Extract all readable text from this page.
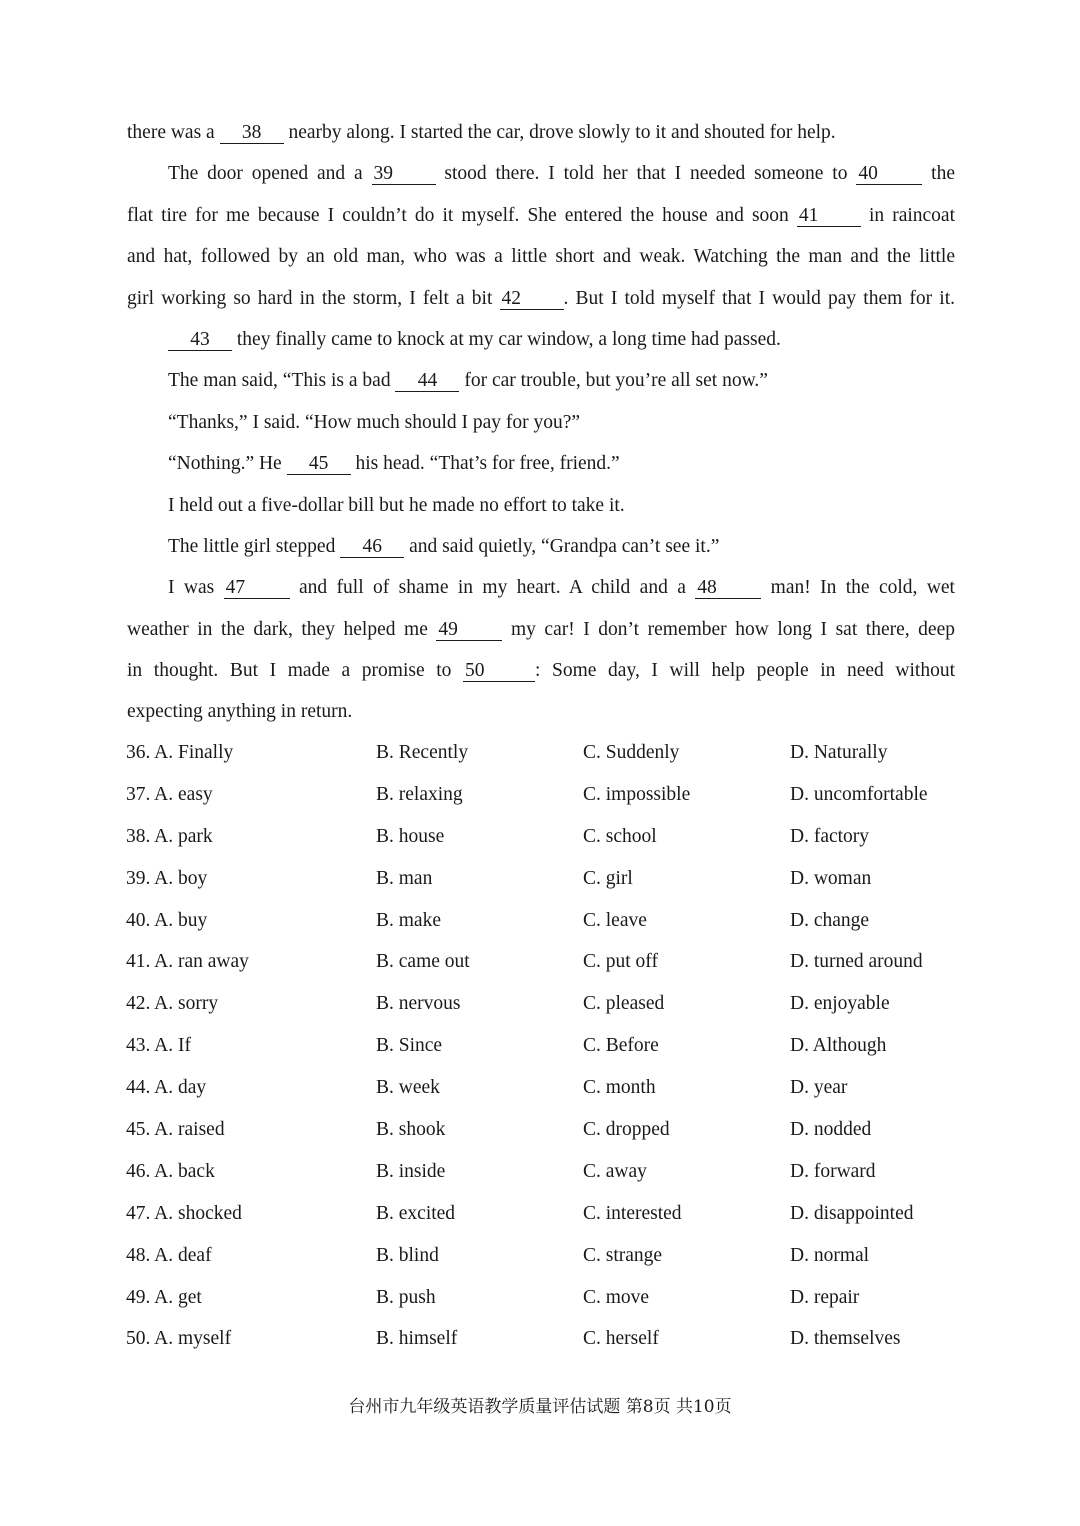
there was a 38 nearby along. I started the car, drove slowly to it and shouted for help.
The door opened and a 39 stood there. I told her that I needed someone to 40 the
flat tire for me because I couldn’t do it myself. She entered the house and soon 41 in raincoat
and hat, followed by an old man, who was a little short and weak. Watching the man and the little
girl working so hard in the storm, I felt a bit 42 . But I told myself that I would pay them for it.
43 they finally came to knock at my car window, a long time had passed.
The man said, “This is a bad 44 for car trouble, but you’re all set now.”
“Thanks,” I said. “How much should I pay for you?”
“Nothing.” He 45 his head. “That’s for free, friend.”
I held out a five-dollar bill but he made no effort to take it.
The little girl stepped 46 and said quietly, “Grandpa can’t see it.”
I was 47 and full of shame in my heart. A child and a 48 man! In the cold, wet
weather in the dark, they helped me 49 my car! I don’t remember how long I sat there, deep
in thought. But I made a promise to 50	: Some day, I will help people in need without
expecting anything in return.
36. A. Finally	B. Recently	C. Suddenly	D. Naturally
37. A. easy	B. relaxing	C. impossible	D. uncomfortable
38. A. park	B. house	C. school	D. factory
39. A. boy	B. man	C. girl	D. woman
40. A. buy	B. make	C. leave	D. change
41. A. ran away	B. came out	C. put off	D. turned around
42. A. sorry	B. nervous	C. pleased	D. enjoyable
43. A. If	B. Since	C. Before	D. Although
44. A. day	B. week	C. month	D. year
45. A. raised	B. shook	C. dropped	D. nodded
46. A. back	B. inside	C. away	D. forward
47. A. shocked	B. excited	C. interested	D. disappointed
48. A. deaf	B. blind	C. strange	D. normal
49. A. get	B. push	C. move	D. repair
50. A. myself	B. himself	C. herself	D. themselves
台州市九年级英语教学质量评估试题 第8页 共10页
